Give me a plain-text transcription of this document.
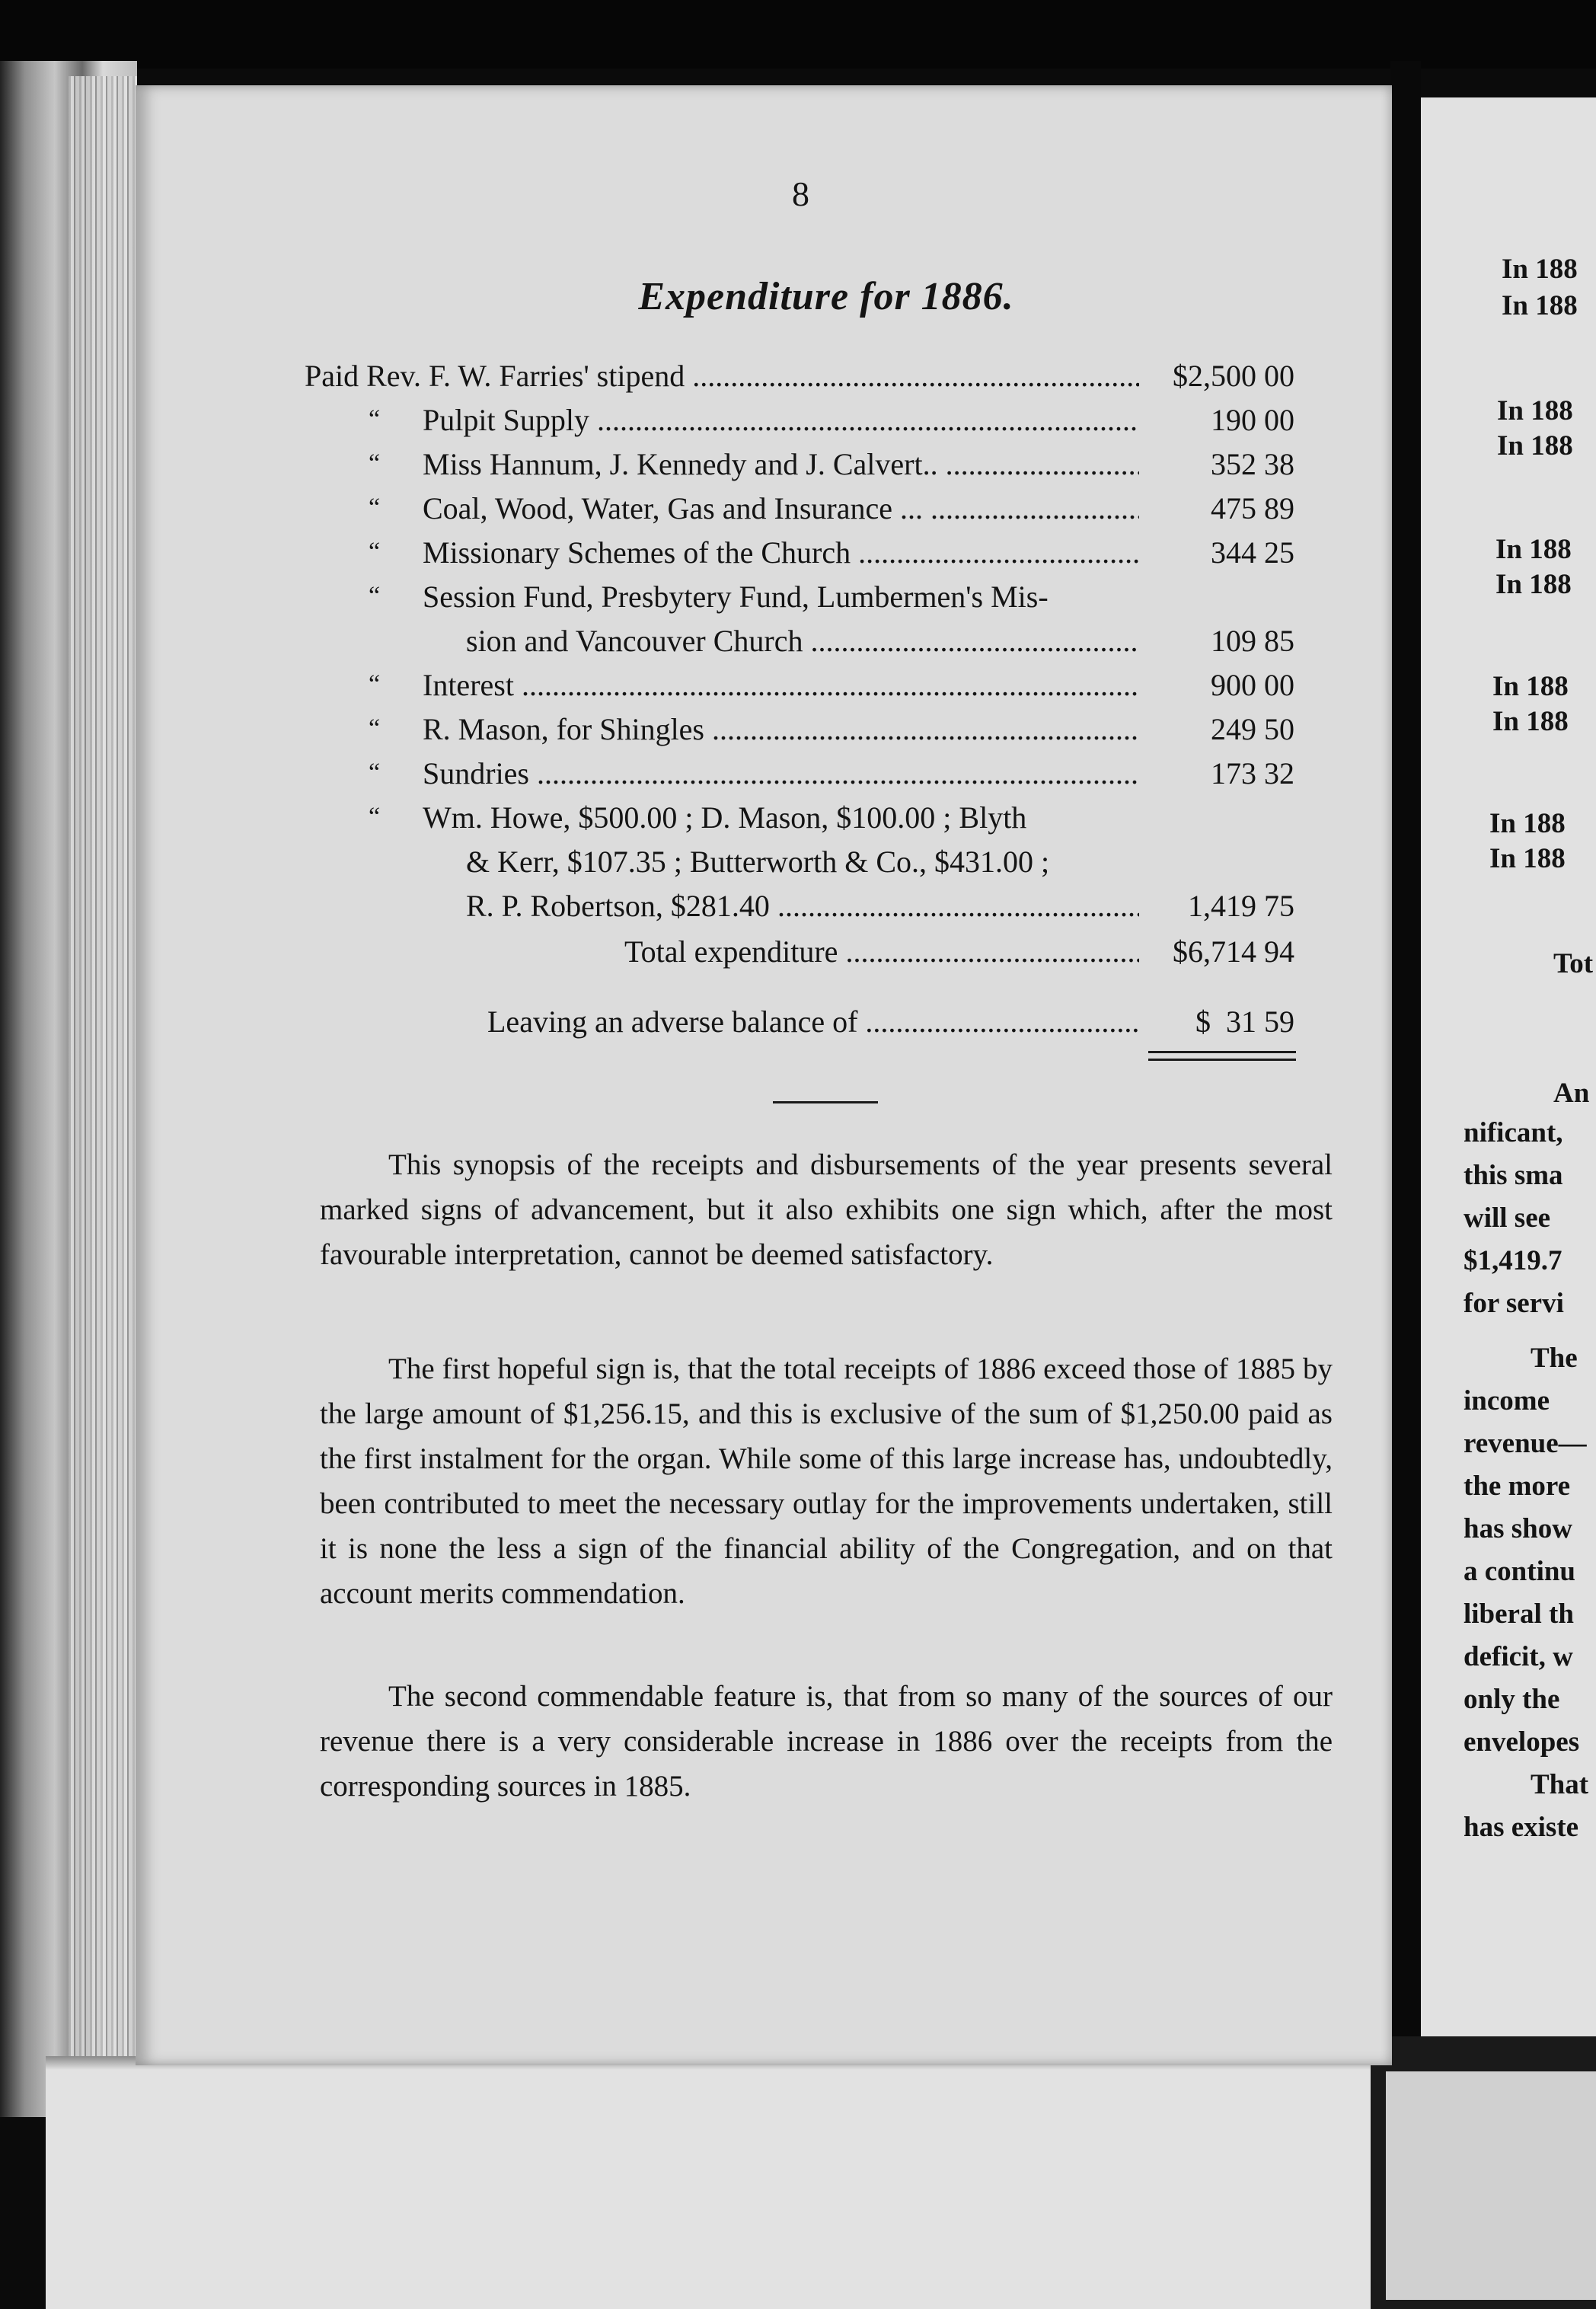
8
Expenditure for 1886.
Paid Rev. F. W. Farries' stipend .....	$2,500 00
“ Pulpit Supply .....	190 00
“ Miss Hannum, J. Kennedy and J. Calvert.. .....	352 38
“ Coal, Wood, Water, Gas and Insurance ... .....	475 89
“ Missionary Schemes of the Church .....	344 25
“ Session Fund, Presbytery Fund, Lumbermen's Mis-
sion and Vancouver Church .....	109 85
“ Interest .....	900 00
“ R. Mason, for Shingles .....	249 50
“ Sundries .....	173 32
“ Wm. Howe, $500.00 ; D. Mason, $100.00 ; Blyth
& Kerr, $107.35 ; Butterworth & Co., $431.00 ;
R. P. Robertson, $281.40 .....	1,419 75
Total expenditure .....	$6,714 94
Leaving an adverse balance of .....	$  31 59
This synopsis of the receipts and disbursements of the year presents several marked signs of advancement, but it also exhibits one sign which, after the most favourable interpretation, cannot be deemed satisfactory.
The first hopeful sign is, that the total receipts of 1886 exceed those of 1885 by the large amount of $1,256.15, and this is exclusive of the sum of $1,250.00 paid as the first instalment for the organ. While some of this large increase has, undoubtedly, been contributed to meet the necessary outlay for the improvements undertaken, still it is none the less a sign of the financial ability of the Congregation, and on that account merits commendation.
The second commendable feature is, that from so many of the sources of our revenue there is a very considerable increase in 1886 over the receipts from the corresponding sources in 1885.
In 188
In 188
In 188
In 188
In 188
In 188
In 188
In 188
In 188
In 188
Tot
An
nificant,
this sma
will see
$1,419.7
for servi
The
income
revenue—
the more
has show
a continu
liberal th
deficit, w
only the
envelopes
That
has existe
